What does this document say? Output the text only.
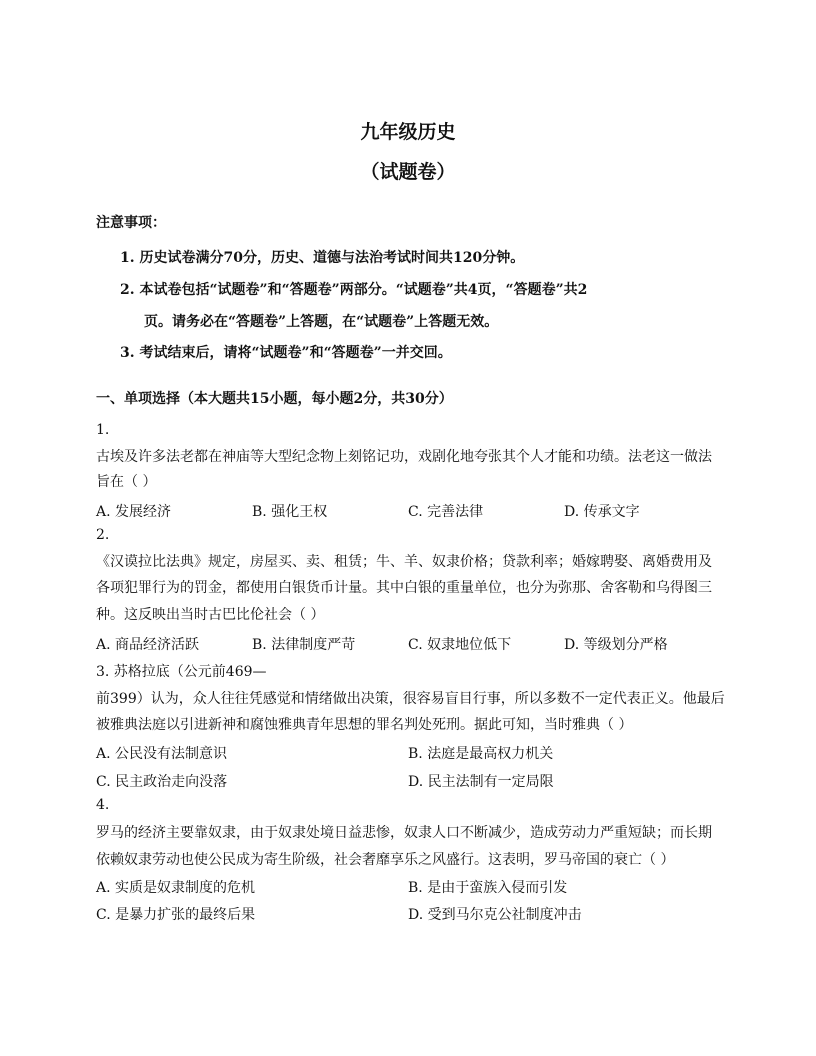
九年级历史
（试题卷）
注意事项：
1. 历史试卷满分70分，历史、道德与法治考试时间共120分钟。
2. 本试卷包括“试题卷”和“答题卷”两部分。“试题卷”共4页，“答题卷”共2
页。请务必在“答题卷”上答题，在“试题卷”上答题无效。
3. 考试结束后，请将“试题卷”和“答题卷”一并交回。
一、单项选择（本大题共15小题，每小题2分，共30分）
1.
古埃及许多法老都在神庙等大型纪念物上刻铭记功，戏剧化地夸张其个人才能和功绩。法老这一做法
旨在（ ）
A. 发展经济	B. 强化王权	C. 完善法律	D. 传承文字
2.
《汉谟拉比法典》规定，房屋买、卖、租赁；牛、羊、奴隶价格；贷款利率；婚嫁聘娶、离婚费用及
各项犯罪行为的罚金，都使用白银货币计量。其中白银的重量单位，也分为弥那、舍客勒和乌得图三
种。这反映出当时古巴比伦社会（ ）
A. 商品经济活跃	B. 法律制度严苛	C. 奴隶地位低下	D. 等级划分严格
3. 苏格拉底（公元前469—
前399）认为，众人往往凭感觉和情绪做出决策，很容易盲目行事，所以多数不一定代表正义。他最后
被雅典法庭以引进新神和腐蚀雅典青年思想的罪名判处死刑。据此可知，当时雅典（ ）
A. 公民没有法制意识	B. 法庭是最高权力机关
C. 民主政治走向没落	D. 民主法制有一定局限
4.
罗马的经济主要靠奴隶，由于奴隶处境日益悲惨，奴隶人口不断减少，造成劳动力严重短缺；而长期
依赖奴隶劳动也使公民成为寄生阶级，社会奢靡享乐之风盛行。这表明，罗马帝国的衰亡（ ）
A. 实质是奴隶制度的危机	B. 是由于蛮族入侵而引发
C. 是暴力扩张的最终后果	D. 受到马尔克公社制度冲击
